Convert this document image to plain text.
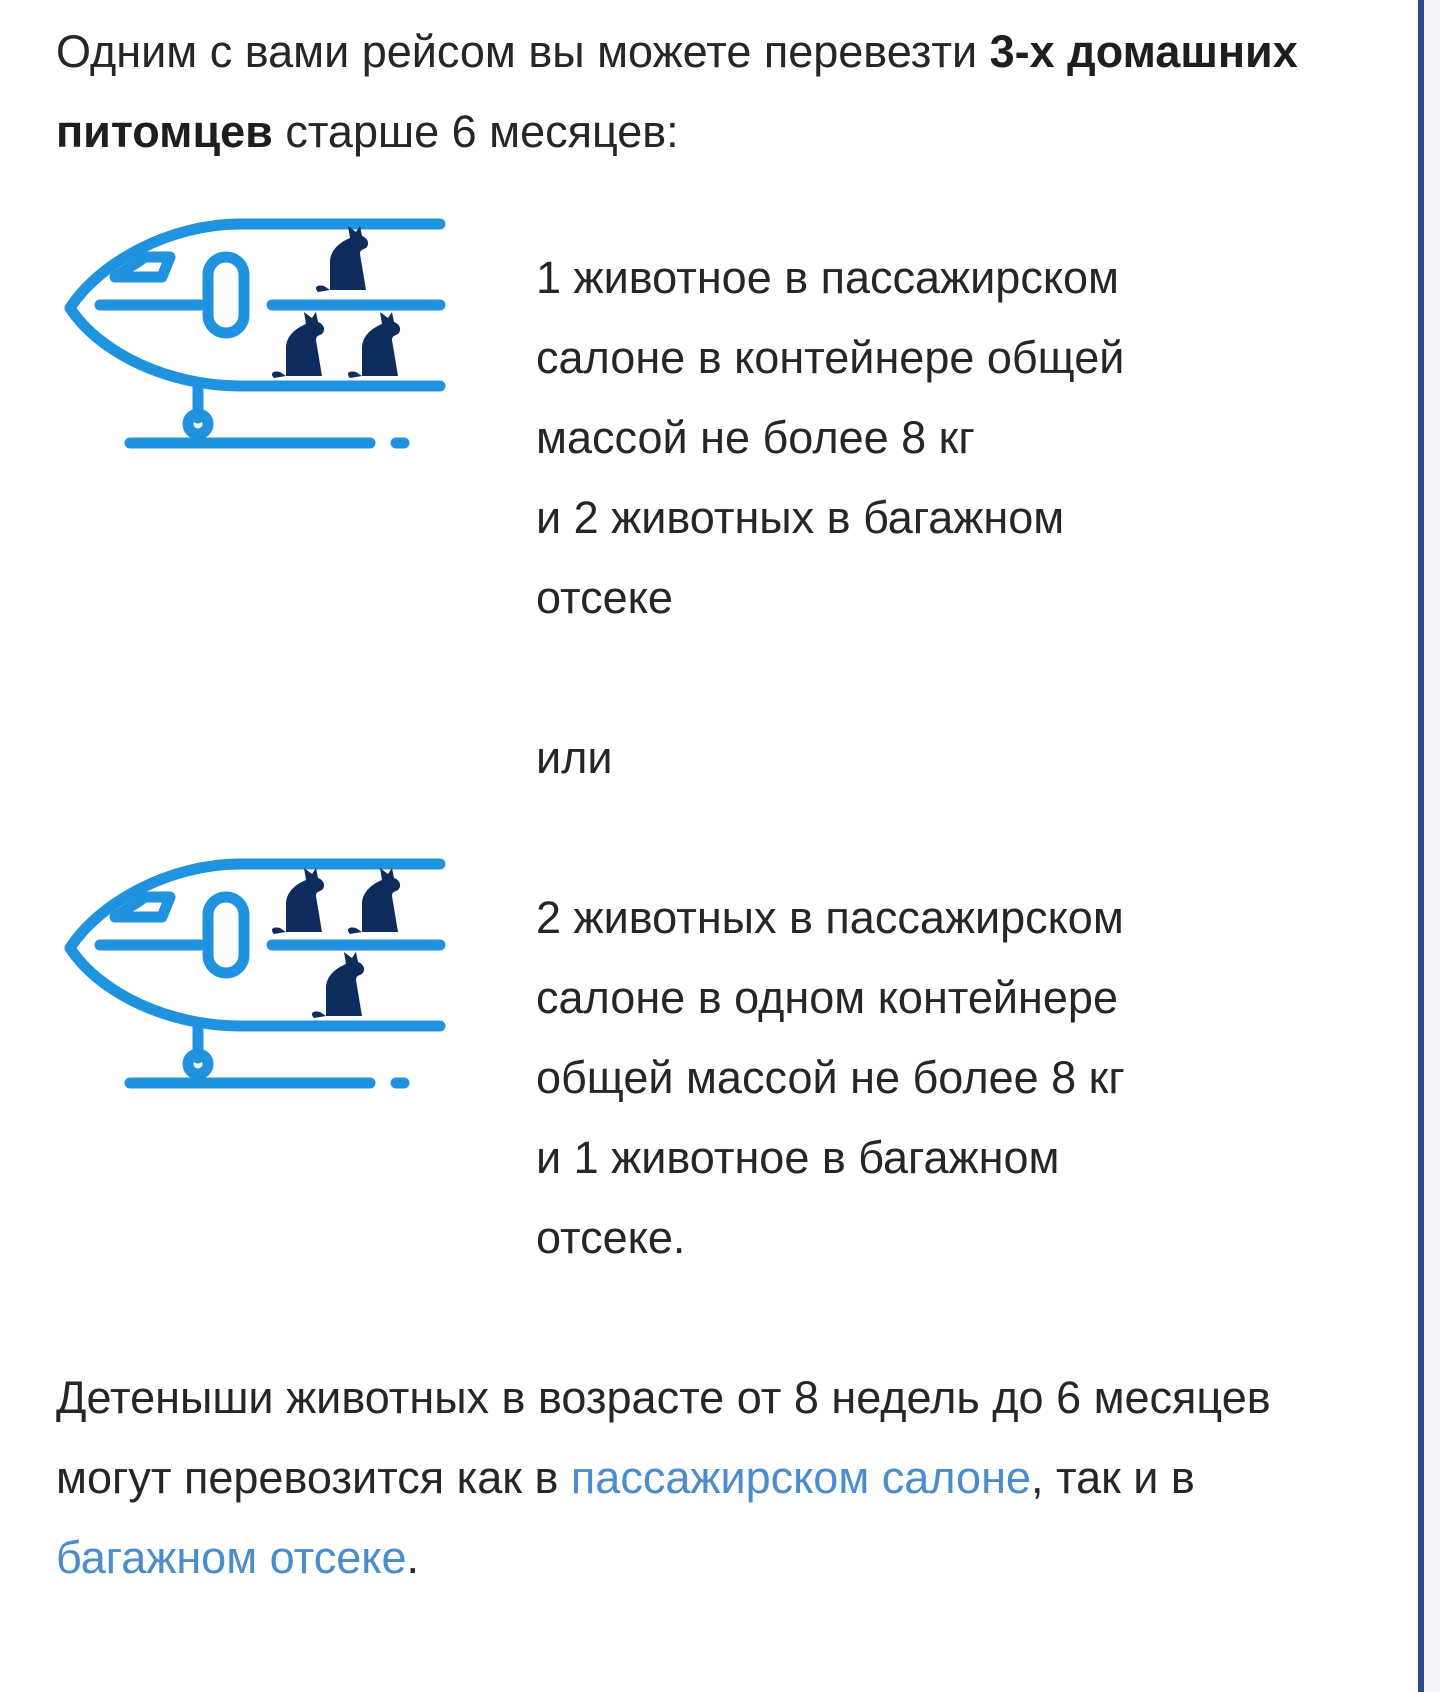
Одним с вами рейсом вы можете перевезти 3-х домашних питомцев старше 6 месяцев:

1 животное в пассажирском
салоне в контейнере общей
массой не более 8 кг
и 2 животных в багажном
отсеке

или

2 животных в пассажирском
салоне в одном контейнере
общей массой не более 8 кг
и 1 животное в багажном
отсеке.

Детеныши животных в возрасте от 8 недель до 6 месяцев могут перевозится как в пассажирском салоне, так и в багажном отсеке.
